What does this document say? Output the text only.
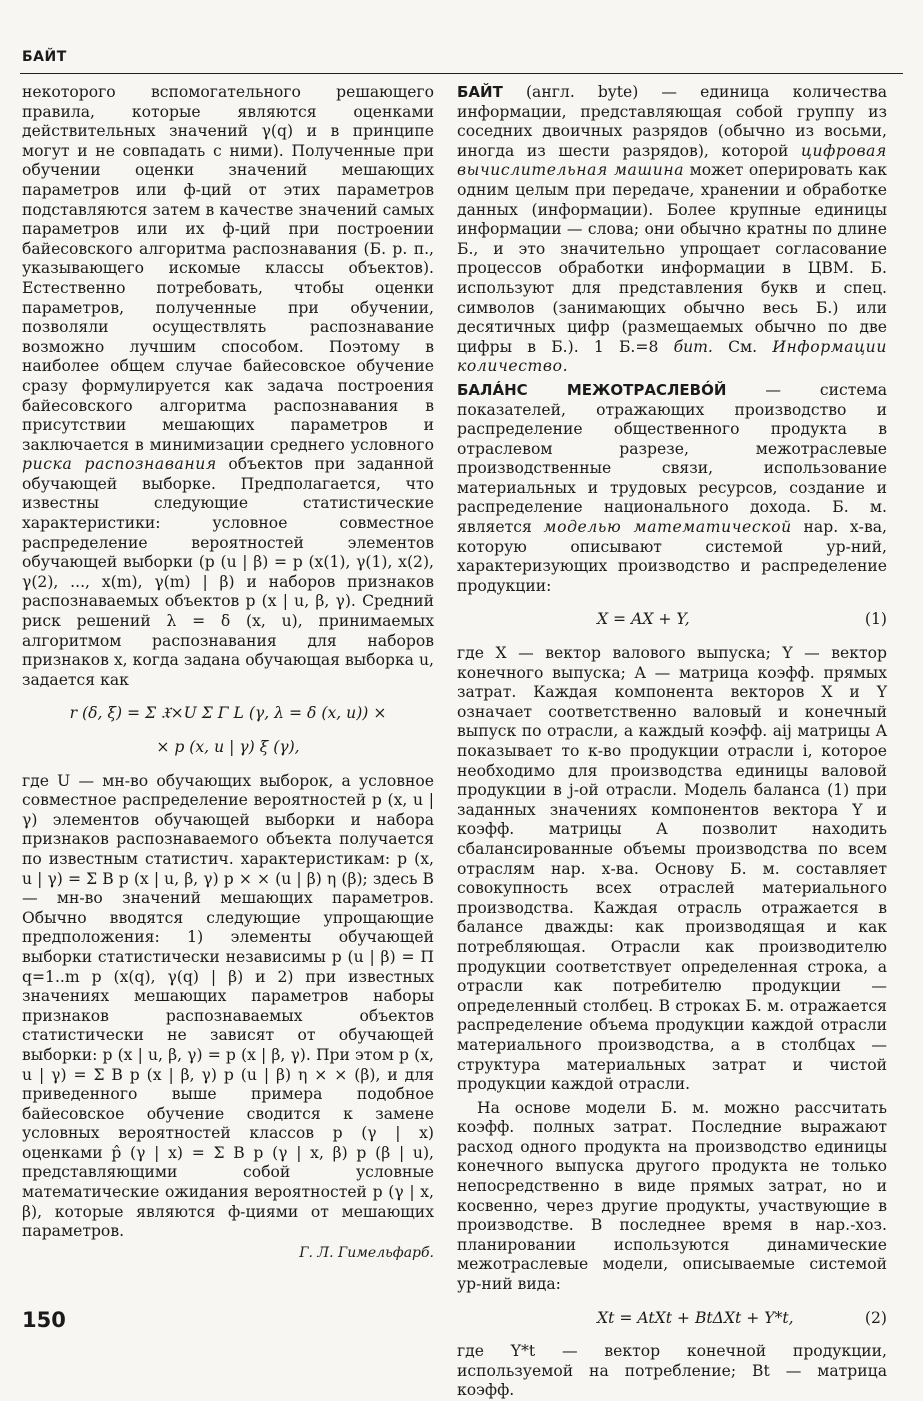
БАЙТ

некоторого вспомогательного решающего правила, которые являются оценками действительных значений γ(q) и в принципе могут и не совпадать с ними). Полученные при обучении оценки значений мешающих параметров или ф-ций от этих параметров подставляются затем в качестве значений самых параметров или их ф-ций при построении байесовского алгоритма распознавания (Б. р. п., указывающего искомые классы объектов). Естественно потребовать, чтобы оценки параметров, полученные при обучении, позволяли осуществлять распознавание возможно лучшим способом. Поэтому в наиболее общем случае байесовское обучение сразу формулируется как задача построения байесовского алгоритма распознавания в присутствии мешающих параметров и заключается в минимизации среднего условного риска распознавания объектов при заданной обучающей выборке. Предполагается, что известны следующие статистические характеристики: условное совместное распределение вероятностей элементов обучающей выборки (p (u | β) = p (x(1), γ(1), x(2), γ(2), ..., x(m), γ(m) | β) и наборов признаков распознаваемых объектов p (x | u, β, γ). Средний риск решений λ = δ (x, u), принимаемых алгоритмом распознавания для наборов признаков x, когда задана обучающая выборка u, задается как

r (δ, ξ) = Σ 𝔛×U Σ Γ L (γ, λ = δ (x, u)) ×
× p (x, u | γ) ξ (γ),

где U — мн-во обучающих выборок, а условное совместное распределение вероятностей p (x, u | γ) элементов обучающей выборки и набора признаков распознаваемого объекта получается по известным статистич. характеристикам: p (x, u | γ) = Σ B p (x | u, β, γ) p × × (u | β) η (β); здесь B — мн-во значений мешающих параметров. Обычно вводятся следующие упрощающие предположения: 1) элементы обучающей выборки статистически независимы p (u | β) = Π q=1..m p (x(q), γ(q) | β) и 2) при известных значениях мешающих параметров наборы признаков распознаваемых объектов статистически не зависят от обучающей выборки: p (x | u, β, γ) = p (x | β, γ). При этом p (x, u | γ) = Σ B p (x | β, γ) p (u | β) η × × (β), и для приведенного выше примера подобное байесовское обучение сводится к замене условных вероятностей классов p (γ | x) оценками p̂ (γ | x) = Σ B p (γ | x, β) p (β | u), представляющими собой условные математические ожидания вероятностей p (γ | x, β), которые являются ф-циями от мешающих параметров.

Г. Л. Гимельфарб.

БАЙТ (англ. byte) — единица количества информации, представляющая собой группу из соседних двоичных разрядов (обычно из восьми, иногда из шести разрядов), которой цифровая вычислительная машина может оперировать как одним целым при передаче, хранении и обработке данных (информации). Более крупные единицы информации — слова; они обычно кратны по длине Б., и это значительно упрощает согласование процессов обработки информации в ЦВМ. Б. используют для представления букв и спец. символов (занимающих обычно весь Б.) или десятичных цифр (размещаемых обычно по две цифры в Б.). 1 Б.=8 бит. См. Информации количество.

БАЛÁНС МЕЖОТРАСЛЕВÓЙ — система показателей, отражающих производство и распределение общественного продукта в отраслевом разрезе, межотраслевые производственные связи, использование материальных и трудовых ресурсов, создание и распределение национального дохода. Б. м. является моделью математической нар. х-ва, которую описывают системой ур-ний, характеризующих производство и распределение продукции:

X = AX + Y,	(1)

где X — вектор валового выпуска; Y — вектор конечного выпуска; A — матрица коэфф. прямых затрат. Каждая компонента векторов X и Y означает соответственно валовый и конечный выпуск по отрасли, а каждый коэфф. aij матрицы A показывает то к-во продукции отрасли i, которое необходимо для производства единицы валовой продукции в j-ой отрасли. Модель баланса (1) при заданных значениях компонентов вектора Y и коэфф. матрицы A позволит находить сбалансированные объемы производства по всем отраслям нар. х-ва. Основу Б. м. составляет совокупность всех отраслей материального производства. Каждая отрасль отражается в балансе дважды: как производящая и как потребляющая. Отрасли как производителю продукции соответствует определенная строка, а отрасли как потребителю продукции — определенный столбец. В строках Б. м. отражается распределение объема продукции каждой отрасли материального производства, а в столбцах — структура материальных затрат и чистой продукции каждой отрасли.

На основе модели Б. м. можно рассчитать коэфф. полных затрат. Последние выражают расход одного продукта на производство единицы конечного выпуска другого продукта не только непосредственно в виде прямых затрат, но и косвенно, через другие продукты, участвующие в производстве. В последнее время в нар.-хоз. планировании используются динамические межотраслевые модели, описываемые системой ур-ний вида:

Xt = AtXt + BtΔXt + Y*t,	(2)

где Y*t — вектор конечной продукции, используемой на потребление; Bt — матрица коэфф.

150
